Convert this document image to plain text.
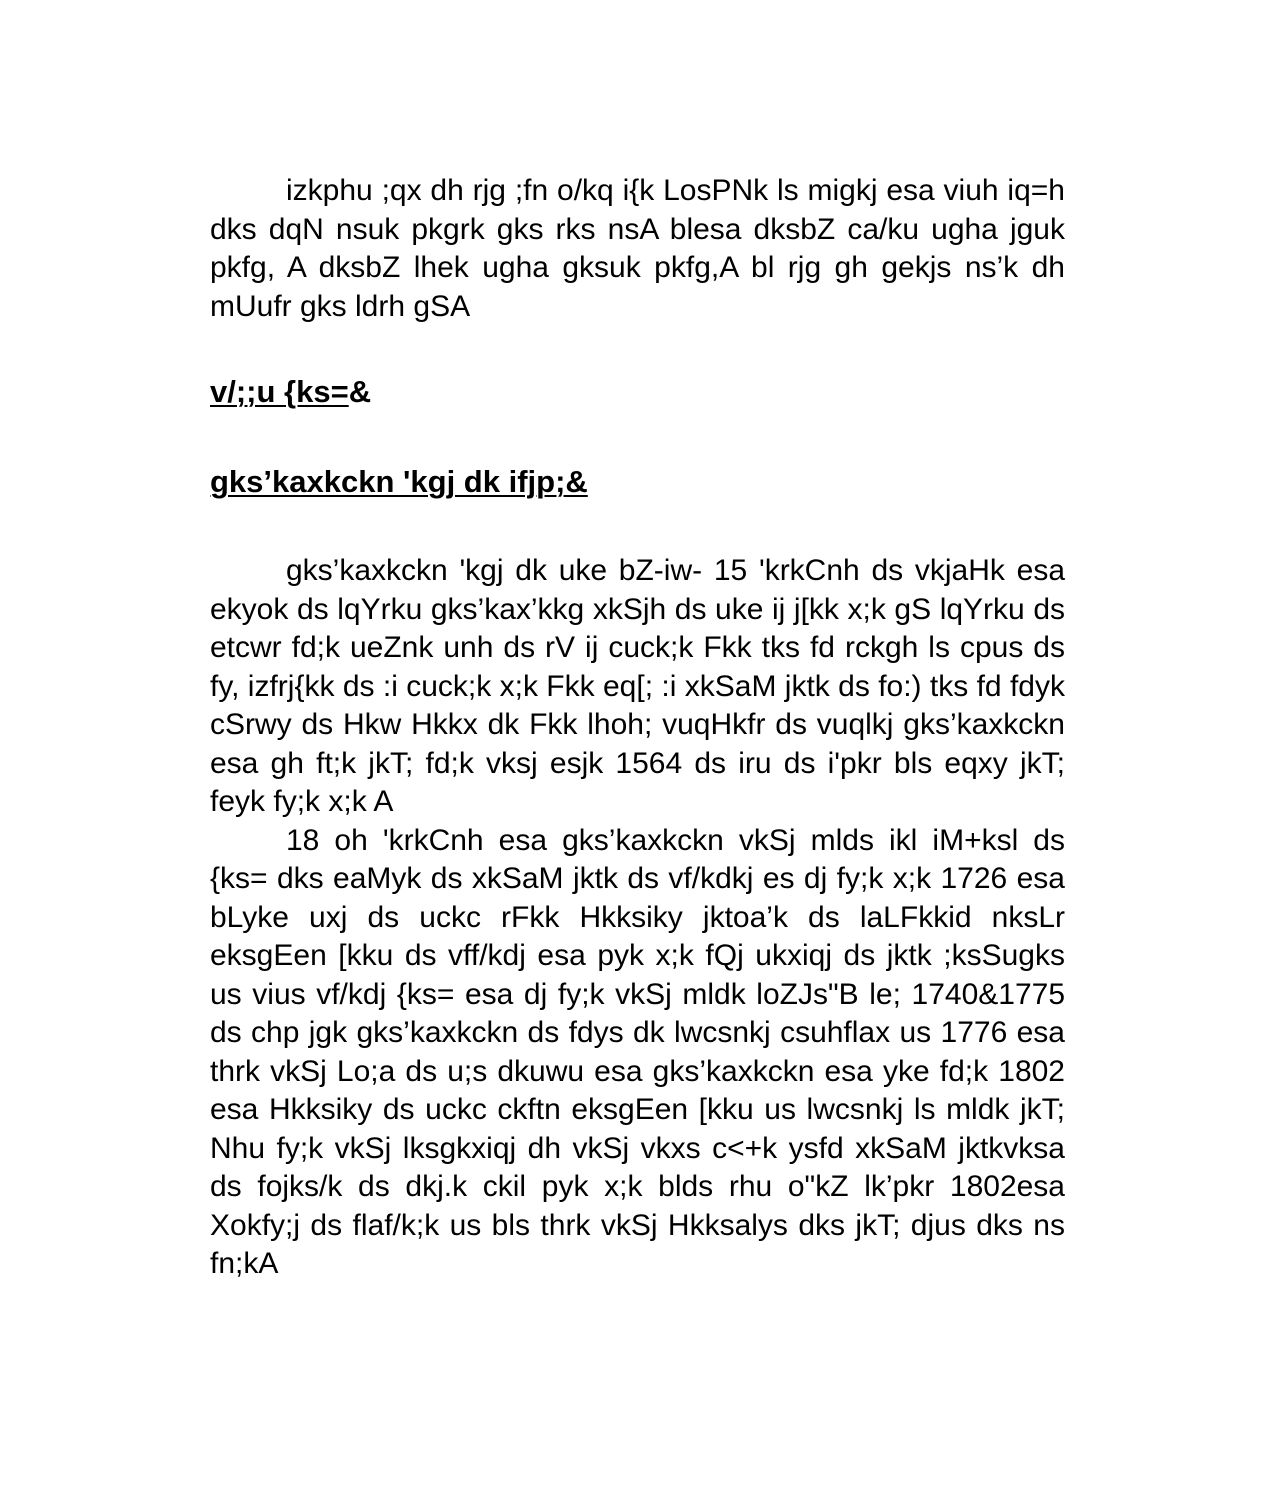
izkphu ;qx dh rjg ;fn o/kq i{k LosPNk ls migkj esa viuh iq=h dks dqN nsuk pkgrk gks rks nsA blesa dksbZ ca/ku ugha jguk pkfg, A dksbZ lhek ugha gksuk pkfg,A bl rjg gh gekjs ns’k dh mUufr gks ldrh gSA

v/;;u {ks=&
gks’kaxkckn 'kgj dk ifjp;&

gks’kaxkckn 'kgj dk uke bZ-iw- 15 'krkCnh ds vkjaHk esa ekyok ds lqYrku gks’kax’kkg xkSjh ds uke ij j[kk x;k gS lqYrku ds etcwr fd;k ueZnk unh ds rV ij cuck;k Fkk tks fd rckgh ls cpus ds fy, izfrj{kk ds :i cuck;k x;k Fkk eq[; :i xkSaM jktk ds fo:) tks fd fdyk cSrwy ds Hkw Hkkx dk Fkk lhoh; vuqHkfr ds vuqlkj gks’kaxkckn esa gh ft;k jkT; fd;k vksj esjk 1564 ds iru ds i'pkr bls eqxy jkT; feyk fy;k x;k A

18 oh 'krkCnh esa gks’kaxkckn vkSj mlds ikl iM+ksl ds {ks= dks eaMyk ds xkSaM jktk ds vf/kdkj es dj fy;k x;k 1726 esa bLyke uxj ds uckc rFkk Hkksiky jktoa’k ds laLFkkid nksLr eksgEen [kku ds vff/kdj esa pyk x;k fQj ukxiqj ds jktk ;ksSugks us vius vf/kdj {ks= esa dj fy;k vkSj mldk loZJs"B le; 1740&1775 ds chp jgk gks’kaxkckn ds fdys dk lwcsnkj csuhflax us 1776 esa thrk vkSj Lo;a ds u;s dkuwu esa gks’kaxkckn esa yke fd;k 1802 esa Hkksiky ds uckc ckftn eksgEen [kku us lwcsnkj ls mldk jkT; Nhu fy;k vkSj lksgkxiqj dh vkSj vkxs c<+k ysfd xkSaM jktkvksa ds fojks/k ds dkj.k ckil pyk x;k blds rhu o"kZ lk’pkr 1802esa Xokfy;j ds flaf/k;k us bls thrk vkSj Hkksalys dks jkT; djus dks ns fn;kA
